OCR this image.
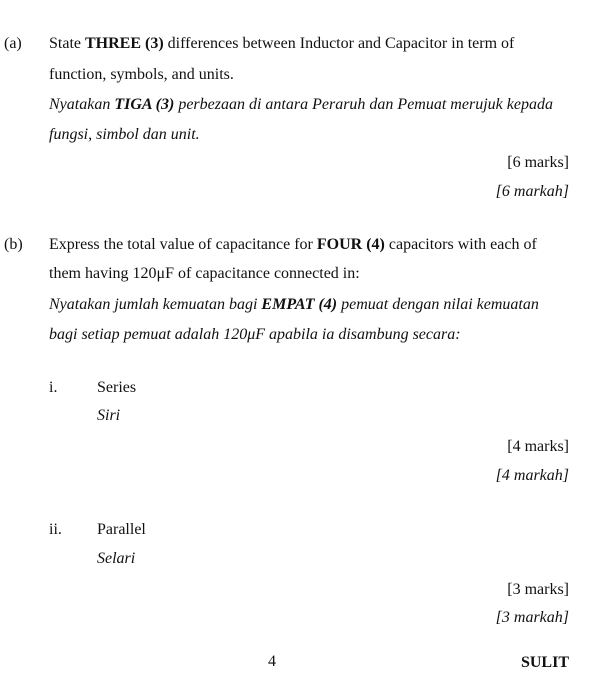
(a) State THREE (3) differences between Inductor and Capacitor in term of
function, symbols, and units.
Nyatakan TIGA (3) perbezaan di antara Peraruh dan Pemuat merujuk kepada
fungsi, simbol dan unit.
[6 marks]
[6 markah]
(b) Express the total value of capacitance for FOUR (4) capacitors with each of
them having 120μF of capacitance connected in:
Nyatakan jumlah kemuatan bagi EMPAT (4) pemuat dengan nilai kemuatan
bagi setiap pemuat adalah 120μF apabila ia disambung secara:
i. Series
Siri
[4 marks]
[4 markah]
ii. Parallel
Selari
[3 marks]
[3 markah]
4	SULIT
